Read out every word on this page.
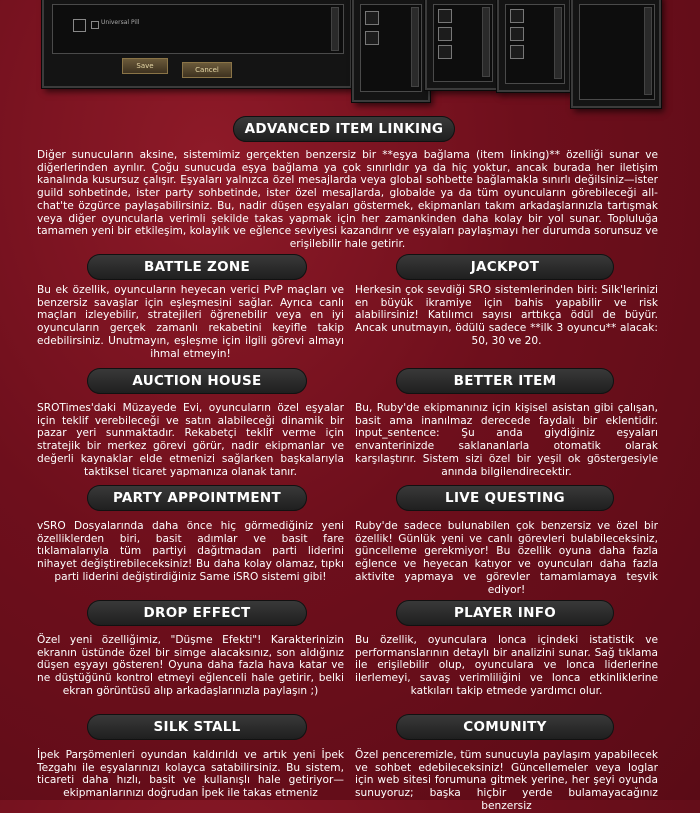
Universal Pill
Save	Cancel
ADVANCED ITEM LINKING

Diğer sunucuların aksine, sistemimiz gerçekten benzersiz bir **eşya bağlama (item linking)** özelliği sunar ve diğerlerinden ayrılır. Çoğu sunucuda eşya bağlama ya çok sınırlıdır ya da hiç yoktur, ancak burada her iletişim kanalında kusursuz çalışır. Eşyaları yalnızca özel mesajlarda veya global sohbette bağlamakla sınırlı değilsiniz—ister guild sohbetinde, ister party sohbetinde, ister özel mesajlarda, globalde ya da tüm oyuncuların görebileceği all-chat'te özgürce paylaşabilirsiniz. Bu, nadir düşen eşyaları göstermek, ekipmanları takım arkadaşlarınızla tartışmak veya diğer oyuncularla verimli şekilde takas yapmak için her zamankinden daha kolay bir yol sunar. Topluluğa tamamen yeni bir etkileşim, kolaylık ve eğlence seviyesi kazandırır ve eşyaları paylaşmayı her durumda sorunsuz ve erişilebilir hale getirir.

BATTLE ZONE	JACKPOT

Bu ek özellik, oyuncuların heyecan verici PvP maçları ve benzersiz savaşlar için eşleşmesini sağlar. Ayrıca canlı maçları izleyebilir, stratejileri öğrenebilir veya en iyi oyuncuların gerçek zamanlı rekabetini keyifle takip edebilirsiniz. Unutmayın, eşleşme için ilgili görevi almayı ihmal etmeyin!

Herkesin çok sevdiği SRO sistemlerinden biri: Silk'lerinizi en büyük ikramiye için bahis yapabilir ve risk alabilirsiniz! Katılımcı sayısı arttıkça ödül de büyür. Ancak unutmayın, ödülü sadece **ilk 3 oyuncu** alacak: 50, 30 ve 20.

AUCTION HOUSE	BETTER ITEM

SROTimes'daki Müzayede Evi, oyuncuların özel eşyalar için teklif verebileceği ve satın alabileceği dinamik bir pazar yeri sunmaktadır. Rekabetçi teklif verme için stratejik bir merkez görevi görür, nadir ekipmanlar ve değerli kaynaklar elde etmenizi sağlarken başkalarıyla taktiksel ticaret yapmanıza olanak tanır.

Bu, Ruby'de ekipmanınız için kişisel asistan gibi çalışan, basit ama inanılmaz derecede faydalı bir eklentidir. input_sentence: Şu anda giydiğiniz eşyaları envanterinizde saklananlarla otomatik olarak karşılaştırır. Sistem sizi özel bir yeşil ok göstergesiyle anında bilgilendirecektir.

PARTY APPOINTMENT	LIVE QUESTING

vSRO Dosyalarında daha önce hiç görmediğiniz yeni özelliklerden biri, basit adımlar ve basit fare tıklamalarıyla tüm partiyi dağıtmadan parti liderini nihayet değiştirebileceksiniz! Bu daha kolay olamaz, tıpkı parti liderini değiştirdiğiniz Same iSRO sistemi gibi!

Ruby'de sadece bulunabilen çok benzersiz ve özel bir özellik! Günlük yeni ve canlı görevleri bulabileceksiniz, güncelleme gerekmiyor! Bu özellik oyuna daha fazla eğlence ve heyecan katıyor ve oyuncuları daha fazla aktivite yapmaya ve görevler tamamlamaya teşvik ediyor!

DROP EFFECT	PLAYER INFO

Özel yeni özelliğimiz, "Düşme Efekti"! Karakterinizin ekranın üstünde özel bir simge alacaksınız, son aldığınız düşen eşyayı gösteren! Oyuna daha fazla hava katar ve ne düştüğünü kontrol etmeyi eğlenceli hale getirir, belki ekran görüntüsü alıp arkadaşlarınızla paylaşın ;)

Bu özellik, oyunculara lonca içindeki istatistik ve performanslarının detaylı bir analizini sunar. Sağ tıklama ile erişilebilir olup, oyunculara ve lonca liderlerine ilerlemeyi, savaş verimliliğini ve lonca etkinliklerine katkıları takip etmede yardımcı olur.

SILK STALL	COMUNITY

İpek Parşömenleri oyundan kaldırıldı ve artık yeni İpek Tezgahı ile eşyalarınızı kolayca satabilirsiniz. Bu sistem, ticareti daha hızlı, basit ve kullanışlı hale getiriyor—ekipmanlarınızı doğrudan İpek ile takas etmeniz

Özel penceremizle, tüm sunucuyla paylaşım yapabilecek ve sohbet edebileceksiniz! Güncellemeler veya loglar için web sitesi forumuna gitmek yerine, her şeyi oyunda sunuyoruz; başka hiçbir yerde bulamayacağınız benzersiz
